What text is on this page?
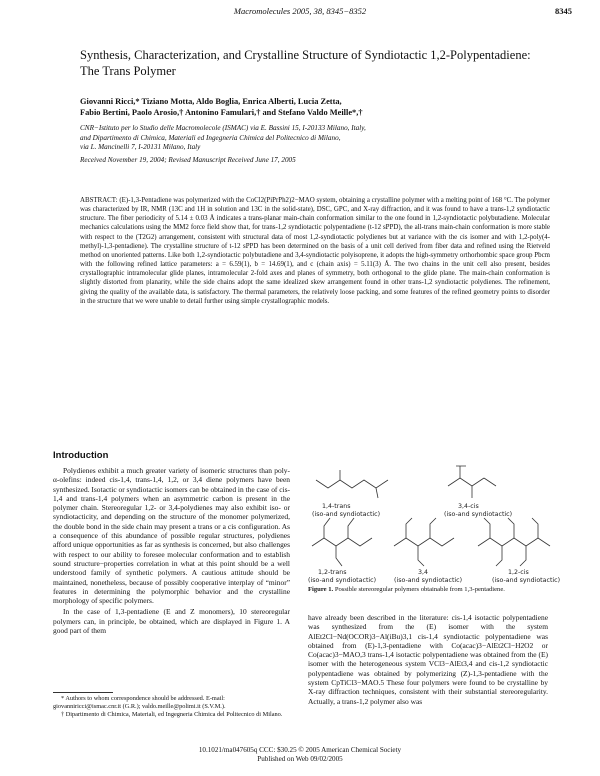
Macromolecules 2005, 38, 8345−8352	8345
Synthesis, Characterization, and Crystalline Structure of Syndiotactic 1,2-Polypentadiene: The Trans Polymer
Giovanni Ricci,* Tiziano Motta, Aldo Boglia, Enrica Alberti, Lucia Zetta,
Fabio Bertini, Paolo Arosio,† Antonino Famulari,† and Stefano Valdo Meille*,†
CNR−Istituto per lo Studio delle Macromolecole (ISMAC) via E. Bassini 15, I-20133 Milano, Italy,
and Dipartimento di Chimica, Materiali ed Ingegneria Chimica del Politecnico di Milano,
via L. Mancinelli 7, I-20131 Milano, Italy
Received November 19, 2004; Revised Manuscript Received June 17, 2005
ABSTRACT: (E)-1,3-Pentadiene was polymerized with the CoCl2(PiPrPh2)2−MAO system, obtaining a crystalline polymer with a melting point of 168 °C. The polymer was characterized by IR, NMR (13C and 1H in solution and 13C in the solid-state), DSC, GPC, and X-ray diffraction, and it was found to have a trans-1,2 syndiotactic structure. The fiber periodicity of 5.14 ± 0.03 Å indicates a trans-planar main-chain conformation similar to the one found in 1,2-syndiotactic polybutadiene. Molecular mechanics calculations using the MM2 force field show that, for trans-1,2 syndiotactic polypentadiene (t-12 sPPD), the all-trans main-chain conformation is more stable with respect to the (T2G2) arrangement, consistent with structural data of most 1,2-syndiotactic polydienes but at variance with the cis isomer and with 1,2-poly(4-methyl)-1,3-pentadiene). The crystalline structure of t-12 sPPD has been determined on the basis of a unit cell derived from fiber data and refined using the Rietveld method on unoriented patterns. Like both 1,2-syndiotactic polybutadiene and 3,4-syndiotactic polyisoprene, it adopts the high-symmetry orthorhombic space group Pbcm with the following refined lattice parameters: a = 6.59(1), b = 14.69(1), and c (chain axis) = 5.11(3) Å. The two chains in the unit cell also present, besides crystallographic intramolecular glide planes, intramolecular 2-fold axes and planes of symmetry, both orthogonal to the glide plane. The main-chain conformation is slightly distorted from planarity, while the side chains adopt the same idealized skew arrangement found in other trans-1,2 syndiotactic polydienes. The refinement, giving the quality of the available data, is satisfactory. The thermal parameters, the relatively loose packing, and some features of the refined geometry points to disorder in the structure that we were unable to detail further using simple crystallographic models.
Introduction

Polydienes exhibit a much greater variety of isomeric structures than poly-α-olefins: indeed cis-1,4, trans-1,4, 1,2, or 3,4 diene polymers have been synthesized. Isotactic or syndiotactic isomers can be obtained in the case of cis-1,4 and trans-1,4 polymers when an asymmetric carbon is present in the polymer chain. Stereoregular 1,2- or 3,4-polydienes may also exhibit iso- or syndiotacticity, and depending on the structure of the monomer polymerized, the double bond in the side chain may present a trans or a cis configuration. As a consequence of this abundance of possible regular structures, polydienes afford unique opportunities as far as synthesis is concerned, but also challenges with respect to our ability to foresee molecular conformation and to establish sound structure−properties correlation in what at this point should be a well understood family of synthetic polymers. A cautious attitude should be maintained, nonetheless, because of possibly cooperative interplay of “minor” features in determining the polymorphic behavior and the crystalline morphology of specific polymers.

In the case of 1,3-pentadiene (E and Z monomers), 10 stereoregular polymers can, in principle, be obtained, which are displayed in Figure 1. A good part of them

* Authors to whom correspondence should be addressed. E-mail: giovanniricci@ismac.cnr.it (G.R.); valdo.meille@polimi.it (S.V.M.).
† Dipartimento di Chimica, Materiali, ed Ingegneria Chimica del Politecnico di Milano.
1,4-trans
(iso-and syndiotactic)
3,4-cis
(iso-and syndiotactic)
1,2-trans
(iso-and syndiotactic)
3,4
(iso-and syndiotactic)
1,2-cis
(iso-and syndiotactic)
Figure 1. Possible stereoregular polymers obtainable from 1,3-pentadiene.
have already been described in the literature: cis-1,4 isotactic polypentadiene was synthesized from the (E) isomer with the system AlEt2Cl−Nd(OCOR)3−Al(iBu)3,1 cis-1,4 syndiotactic polypentadiene was obtained from (E)-1,3-pentadiene with Co(acac)3−AlEt2Cl−H2O2 or Co(acac)3−MAO,3 trans-1,4 isotactic polypentadiene was obtained from the (E) isomer with the heterogeneous system VCl3−AlEt3,4 and cis-1,2 syndiotactic polypentadiene was obtained by polymerizing (Z)-1,3-pentadiene with the system CpTiCl3−MAO.5 These four polymers were found to be crystalline by X-ray diffraction techniques, consistent with their substantial stereoregularity. Actually, a trans-1,2 polymer also was
10.1021/ma047605q CCC: $30.25 © 2005 American Chemical Society
Published on Web 09/02/2005
